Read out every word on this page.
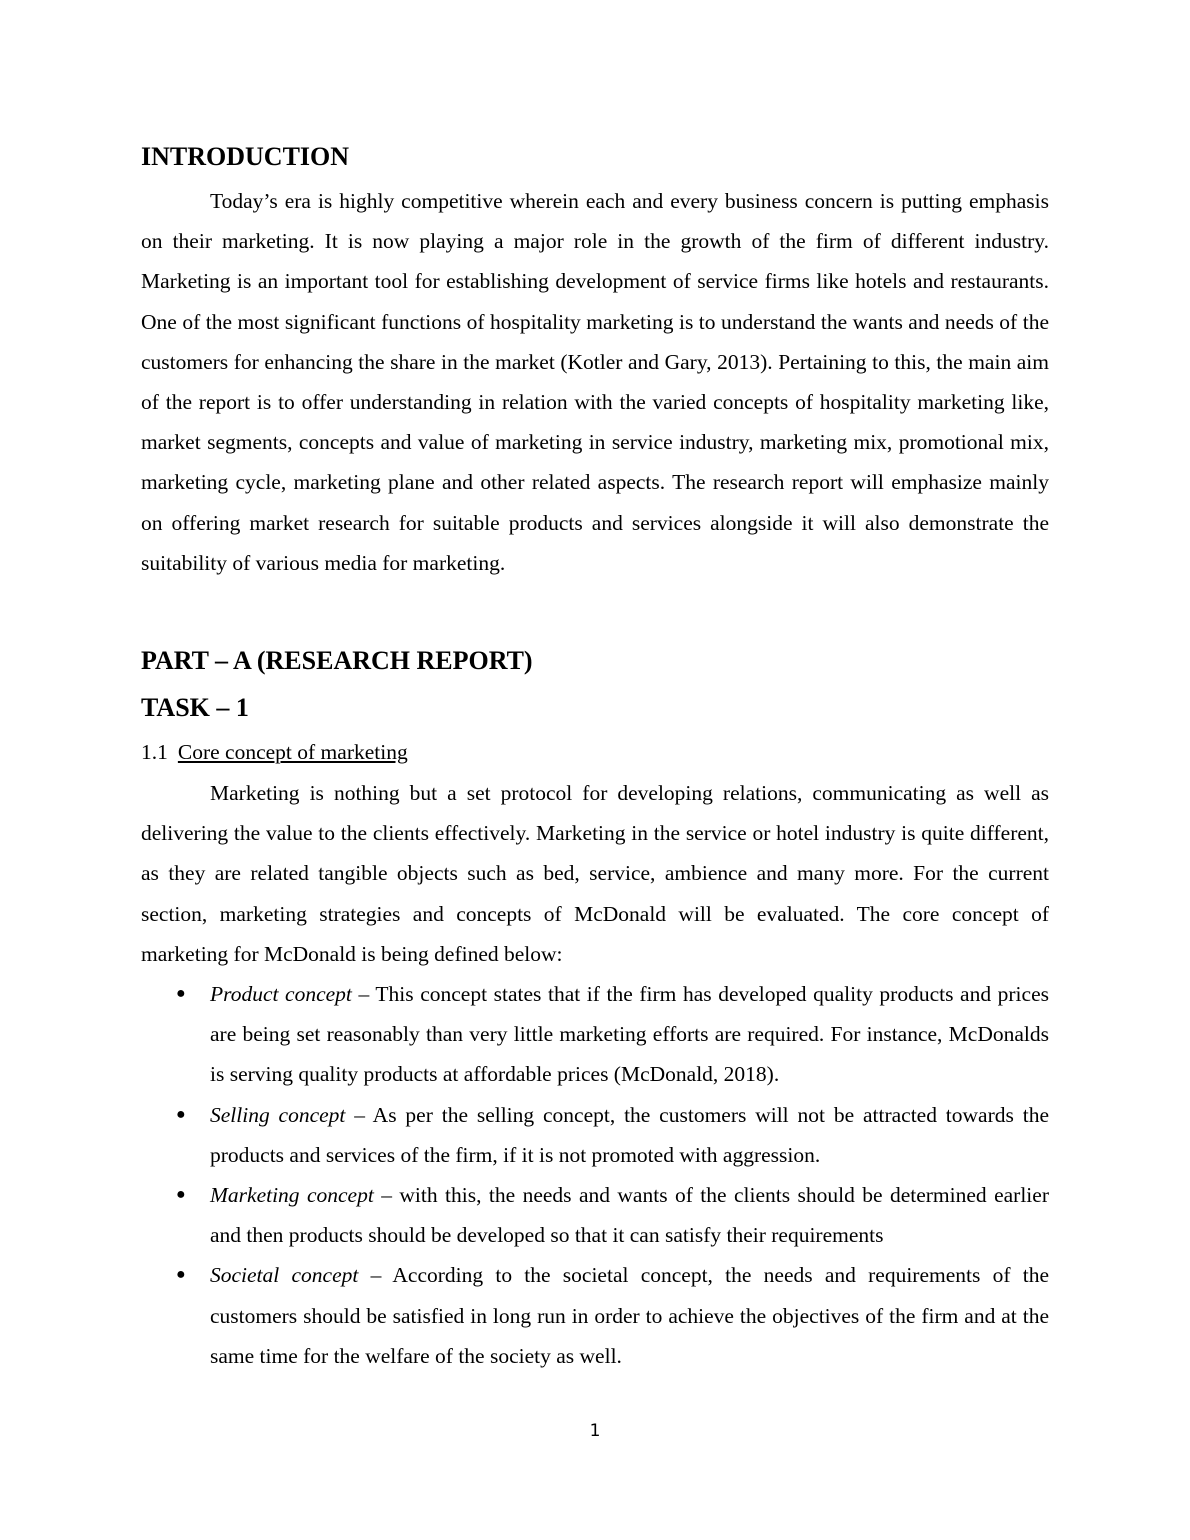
INTRODUCTION

Today’s era is highly competitive wherein each and every business concern is putting emphasis on their marketing. It is now playing a major role in the growth of the firm of different industry. Marketing is an important tool for establishing development of service firms like hotels and restaurants. One of the most significant functions of hospitality marketing is to understand the wants and needs of the customers for enhancing the share in the market (Kotler and Gary, 2013). Pertaining to this, the main aim of the report is to offer understanding in relation with the varied concepts of hospitality marketing like, market segments, concepts and value of marketing in service industry, marketing mix, promotional mix, marketing cycle, marketing plane and other related aspects. The research report will emphasize mainly on offering market research for suitable products and services alongside it will also demonstrate the suitability of various media for marketing.

PART – A (RESEARCH REPORT)
TASK – 1

1.1 Core concept of marketing

Marketing is nothing but a set protocol for developing relations, communicating as well as delivering the value to the clients effectively. Marketing in the service or hotel industry is quite different, as they are related tangible objects such as bed, service, ambience and many more. For the current section, marketing strategies and concepts of McDonald will be evaluated. The core concept of marketing for McDonald is being defined below:

● Product concept – This concept states that if the firm has developed quality products and prices are being set reasonably than very little marketing efforts are required. For instance, McDonalds is serving quality products at affordable prices (McDonald, 2018).
● Selling concept – As per the selling concept, the customers will not be attracted towards the products and services of the firm, if it is not promoted with aggression.
● Marketing concept – with this, the needs and wants of the clients should be determined earlier and then products should be developed so that it can satisfy their requirements
● Societal concept – According to the societal concept, the needs and requirements of the customers should be satisfied in long run in order to achieve the objectives of the firm and at the same time for the welfare of the society as well.
1
